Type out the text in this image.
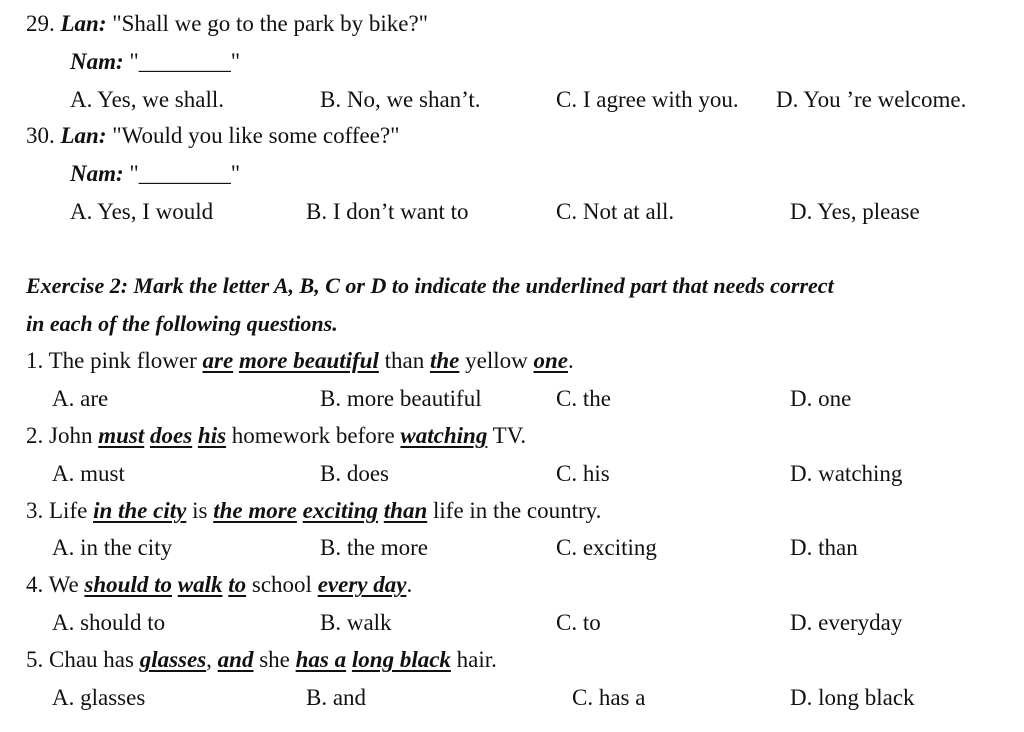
29. Lan: "Shall we go to the park by bike?"
Nam: "________"
A. Yes, we shall.	B. No, we shan’t.	C. I agree with you. D. You ’re welcome.
30. Lan: "Would you like some coffee?"
Nam: "________"
A. Yes, I would	B. I don’t want to	C. Not at all.	D. Yes, please
Exercise 2: Mark the letter A, B, C or D to indicate the underlined part that needs correct
in each of the following questions.
1. The pink flower are more beautiful than the yellow one.
A. are	B. more beautiful	C. the	D. one
2. John must does his homework before watching TV.
A. must	B. does	C. his	D. watching
3. Life in the city is the more exciting than life in the country.
A. in the city	B. the more	C. exciting	D. than
4. We should to walk to school every day.
A. should to	B. walk	C. to	D. everyday
5. Chau has glasses, and she has a long black hair.
A. glasses	B. and	C. has a	D. long black
